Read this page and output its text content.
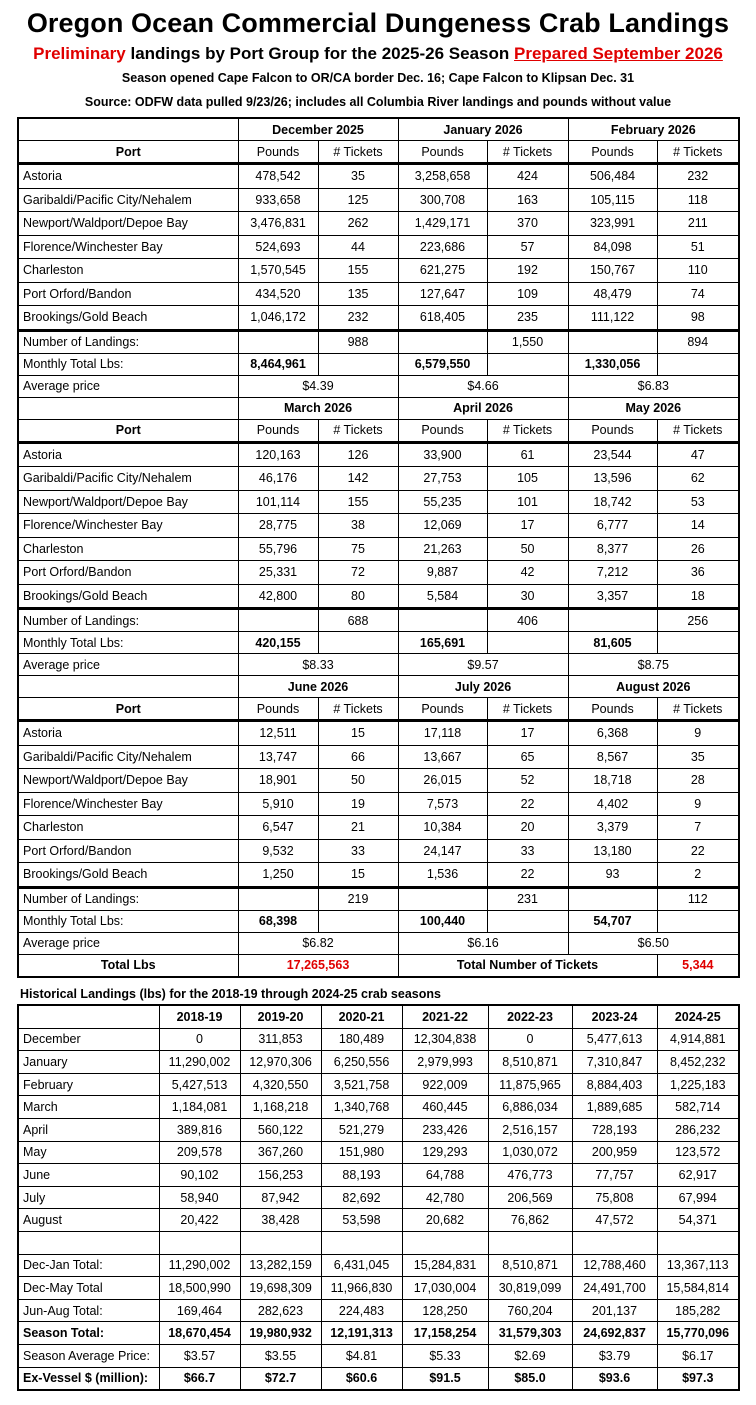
Oregon Ocean Commercial Dungeness Crab Landings
Preliminary landings by Port Group for the 2025-26 Season Prepared September 2026
Season opened Cape Falcon to OR/CA border Dec. 16; Cape Falcon to Klipsan Dec. 31
Source: ODFW data pulled 9/23/26; includes all Columbia River landings and pounds without value
	December 2025		January 2026		February 2026	
Port	Pounds	# Tickets	Pounds	# Tickets	Pounds	# Tickets
Astoria	478,542	35	3,258,658	424	506,484	232
Garibaldi/Pacific City/Nehalem	933,658	125	300,708	163	105,115	118
Newport/Waldport/Depoe Bay	3,476,831	262	1,429,171	370	323,991	211
Florence/Winchester Bay	524,693	44	223,686	57	84,098	51
Charleston	1,570,545	155	621,275	192	150,767	110
Port Orford/Bandon	434,520	135	127,647	109	48,479	74
Brookings/Gold Beach	1,046,172	232	618,405	235	111,122	98
Number of Landings:		988		1,550		894
Monthly Total Lbs:	8,464,961		6,579,550		1,330,056	
Average price	$4.39		$4.66		$6.83	
	March 2026		April 2026		May 2026	
Port	Pounds	# Tickets	Pounds	# Tickets	Pounds	# Tickets
Astoria	120,163	126	33,900	61	23,544	47
Garibaldi/Pacific City/Nehalem	46,176	142	27,753	105	13,596	62
Newport/Waldport/Depoe Bay	101,114	155	55,235	101	18,742	53
Florence/Winchester Bay	28,775	38	12,069	17	6,777	14
Charleston	55,796	75	21,263	50	8,377	26
Port Orford/Bandon	25,331	72	9,887	42	7,212	36
Brookings/Gold Beach	42,800	80	5,584	30	3,357	18
Number of Landings:		688		406		256
Monthly Total Lbs:	420,155		165,691		81,605	
Average price	$8.33		$9.57		$8.75	
	June 2026		July 2026		August 2026	
Port	Pounds	# Tickets	Pounds	# Tickets	Pounds	# Tickets
Astoria	12,511	15	17,118	17	6,368	9
Garibaldi/Pacific City/Nehalem	13,747	66	13,667	65	8,567	35
Newport/Waldport/Depoe Bay	18,901	50	26,015	52	18,718	28
Florence/Winchester Bay	5,910	19	7,573	22	4,402	9
Charleston	6,547	21	10,384	20	3,379	7
Port Orford/Bandon	9,532	33	24,147	33	13,180	22
Brookings/Gold Beach	1,250	15	1,536	22	93	2
Number of Landings:		219		231		112
Monthly Total Lbs:	68,398		100,440		54,707	
Average price	$6.82		$6.16		$6.50	
Total Lbs	17,265,563		Total Number of Tickets			5,344
Historical Landings (lbs) for the 2018-19 through 2024-25 crab seasons
	2018-19	2019-20	2020-21	2021-22	2022-23	2023-24	2024-25
December	0	311,853	180,489	12,304,838	0	5,477,613	4,914,881
January	11,290,002	12,970,306	6,250,556	2,979,993	8,510,871	7,310,847	8,452,232
February	5,427,513	4,320,550	3,521,758	922,009	11,875,965	8,884,403	1,225,183
March	1,184,081	1,168,218	1,340,768	460,445	6,886,034	1,889,685	582,714
April	389,816	560,122	521,279	233,426	2,516,157	728,193	286,232
May	209,578	367,260	151,980	129,293	1,030,072	200,959	123,572
June	90,102	156,253	88,193	64,788	476,773	77,757	62,917
July	58,940	87,942	82,692	42,780	206,569	75,808	67,994
August	20,422	38,428	53,598	20,682	76,862	47,572	54,371

Dec-Jan Total:	11,290,002	13,282,159	6,431,045	15,284,831	8,510,871	12,788,460	13,367,113
Dec-May Total	18,500,990	19,698,309	11,966,830	17,030,004	30,819,099	24,491,700	15,584,814
Jun-Aug Total:	169,464	282,623	224,483	128,250	760,204	201,137	185,282
Season Total:	18,670,454	19,980,932	12,191,313	17,158,254	31,579,303	24,692,837	15,770,096
Season Average Price:	$3.57	$3.55	$4.81	$5.33	$2.69	$3.79	$6.17
Ex-Vessel $ (million):	$66.7	$72.7	$60.6	$91.5	$85.0	$93.6	$97.3
